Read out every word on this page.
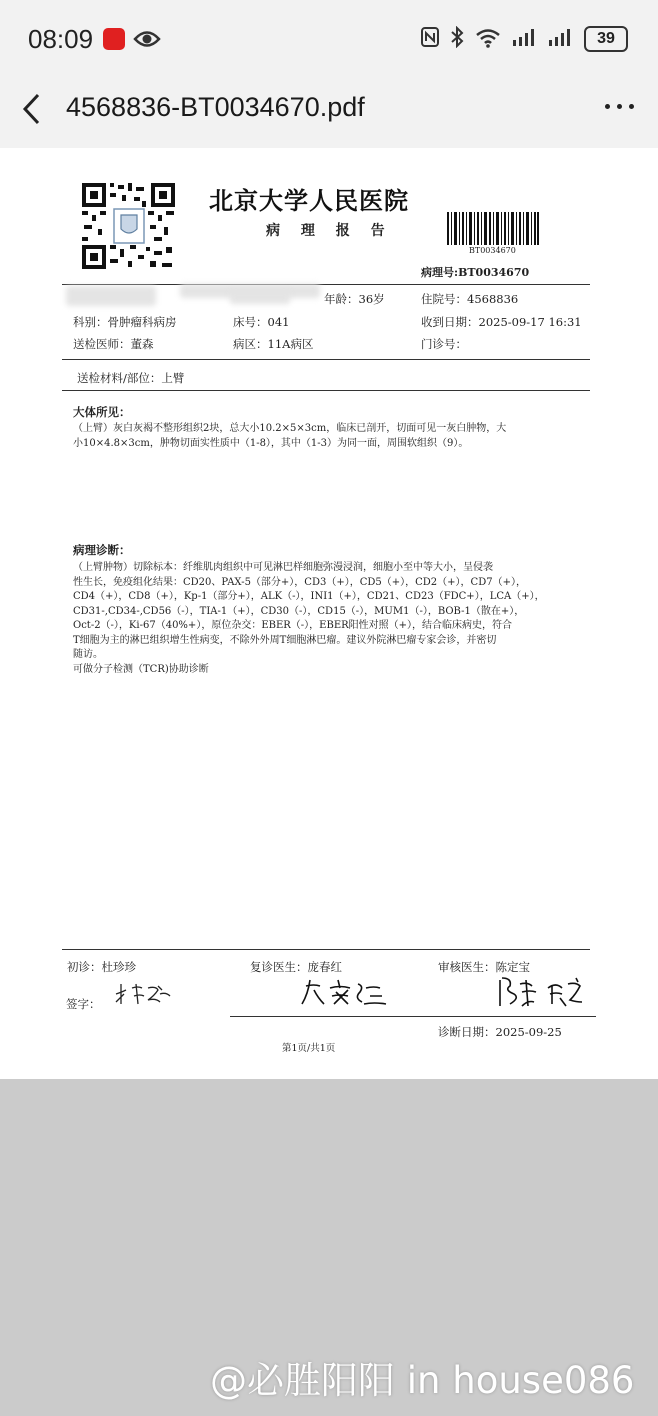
08:09	39
4568836-BT0034670.pdf
北京大学人民医院
病 理 报 告
BT0034670
病理号:BT0034670
年龄：36岁	住院号：4568836
科别：骨肿瘤科病房	床号：041	收到日期：2025-09-17 16:31
送检医师：董森	病区：11A病区	门诊号：
送检材料/部位：上臂
大体所见：
（上臂）灰白灰褐不整形组织2块，总大小10.2×5×3cm，临床已剖开，切面可见一灰白肿物，大
小10×4.8×3cm，肿物切面实性质中（1-8），其中（1-3）为同一面，周围软组织（9）。
病理诊断：
（上臂肿物）切除标本：纤维肌肉组织中可见淋巴样细胞弥漫浸润，细胞小至中等大小，呈侵袭
性生长，免疫组化结果：CD20、PAX-5（部分+），CD3（+），CD5（+），CD2（+），CD7（+），
CD4（+），CD8（+），Kp-1（部分+），ALK（-），INI1（+），CD21、CD23（FDC+），LCA（+），
CD31-,CD34-,CD56（-），TIA-1（+），CD30（-），CD15（-），MUM1（-），BOB-1（散在+），
Oct-2（-），Ki-67（40%+），原位杂交：EBER（-），EBER阳性对照（+），结合临床病史，符合
T细胞为主的淋巴组织增生性病变，不除外外周T细胞淋巴瘤。建议外院淋巴瘤专家会诊，并密切
随访。
可做分子检测（TCR)协助诊断
初诊：杜珍珍	复诊医生：庞春红	审核医生：陈定宝
签字：
诊断日期：2025-09-25
第1页/共1页
@必胜阳阳 in house086
